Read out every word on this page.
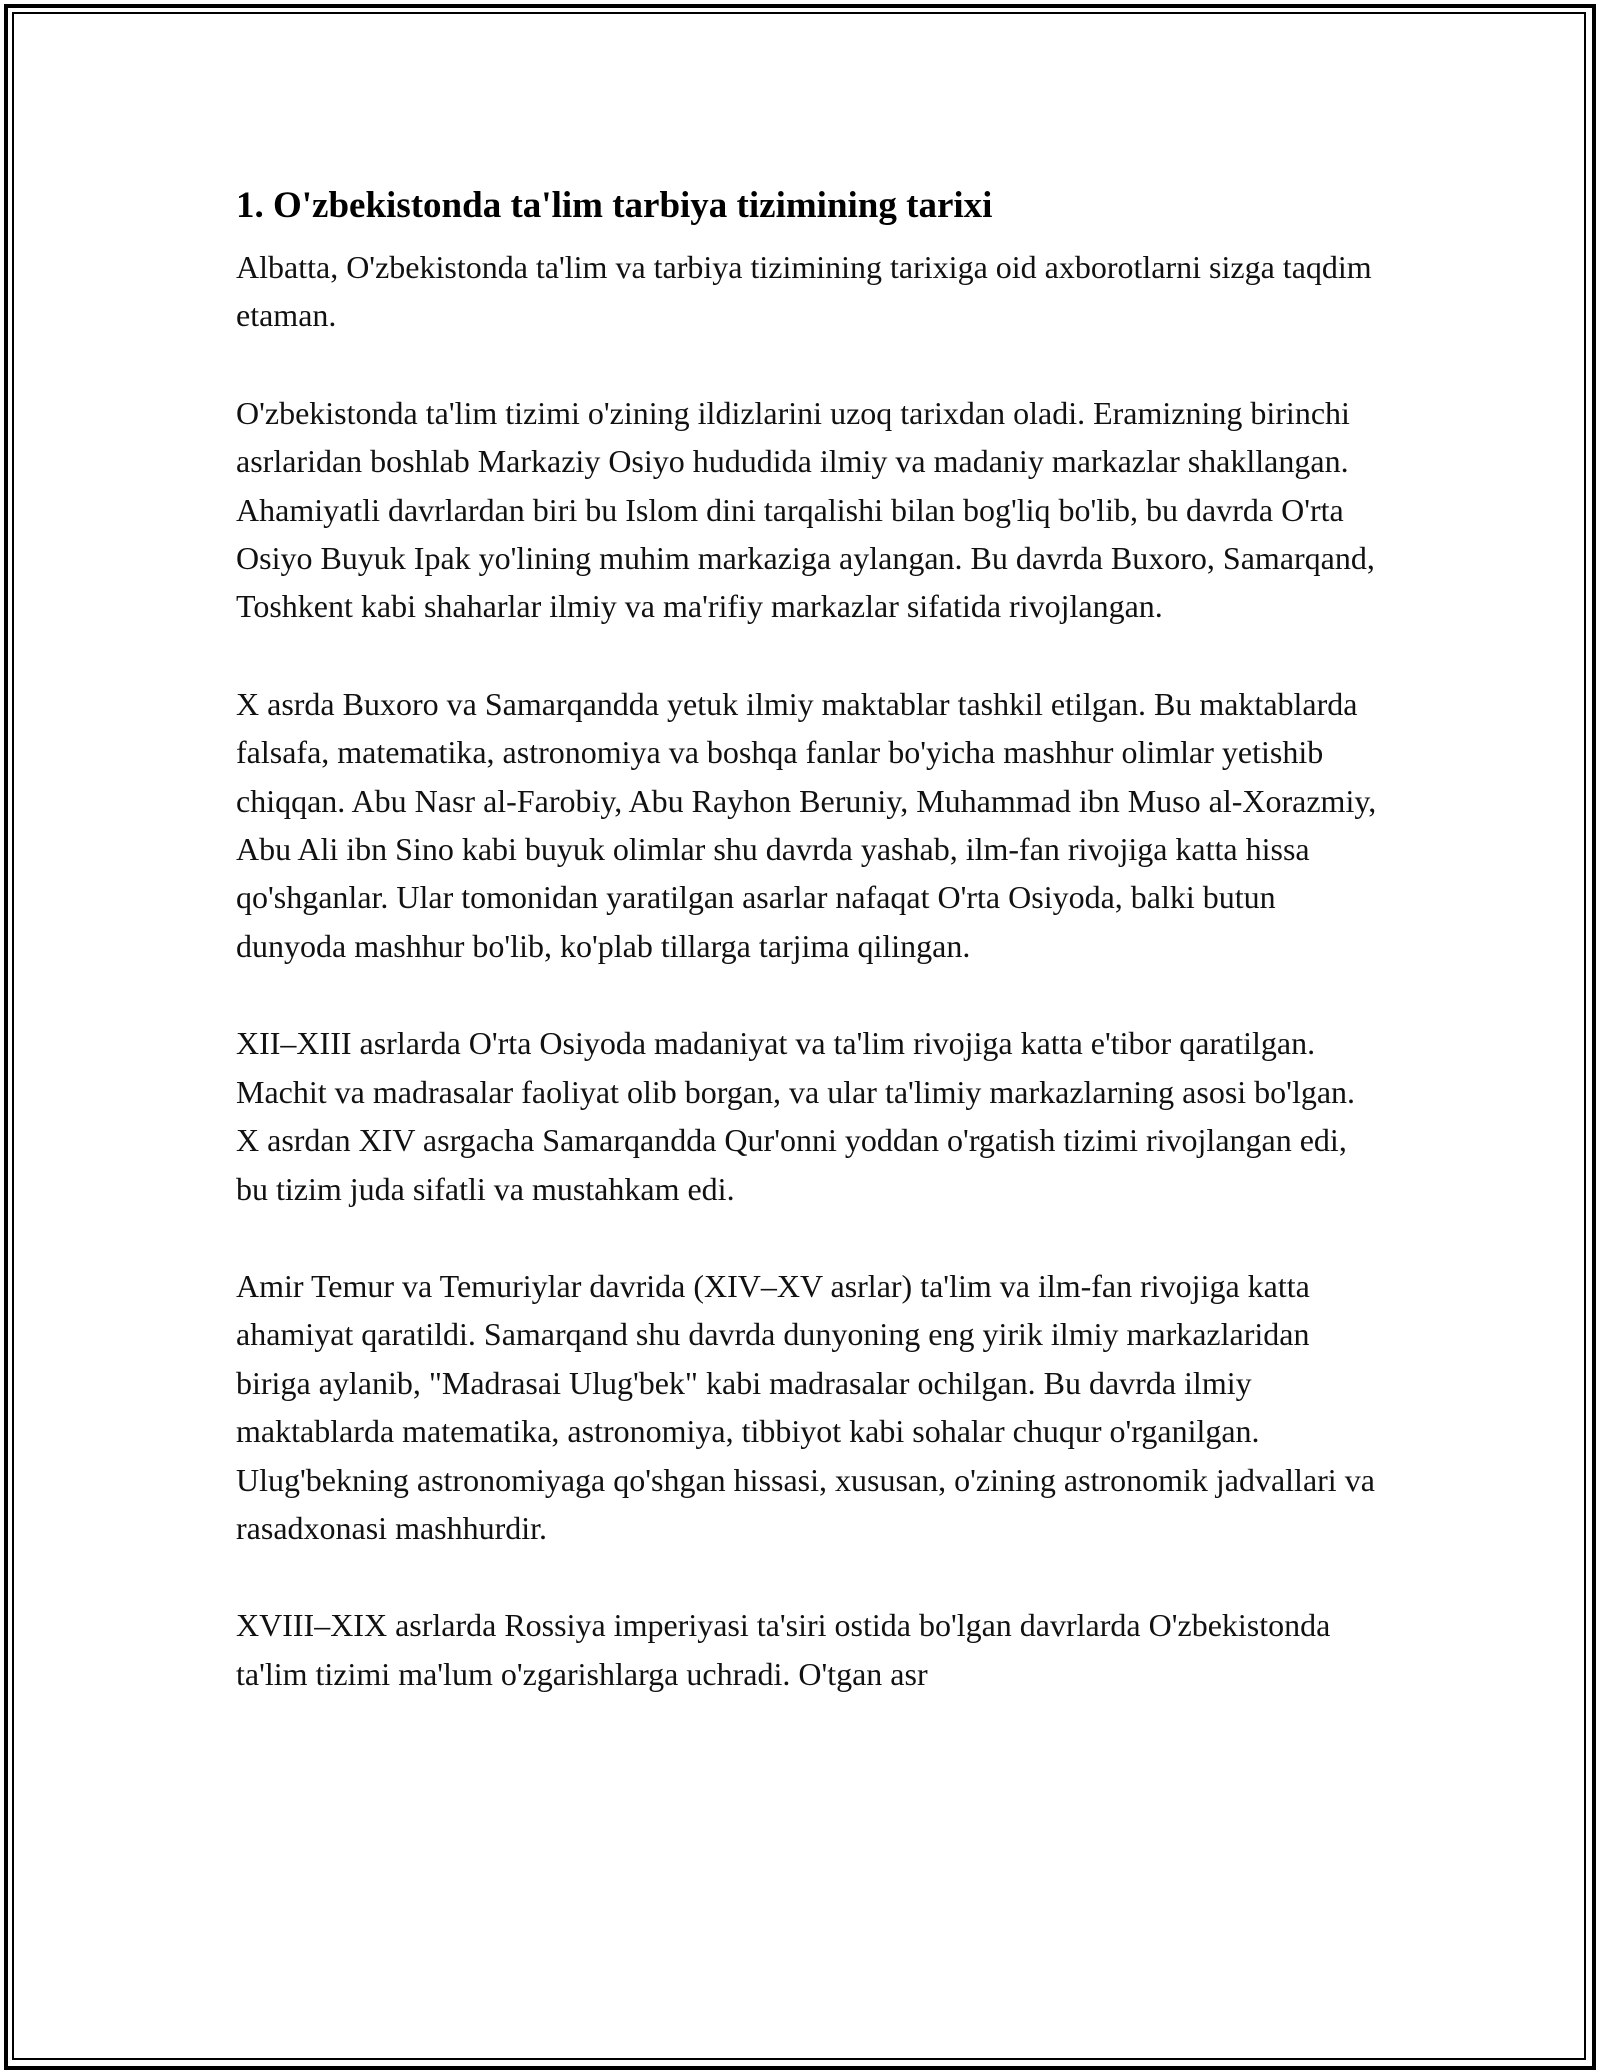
1. O'zbekistonda ta'lim tarbiya tizimining tarixi

Albatta, O'zbekistonda ta'lim va tarbiya tizimining tarixiga oid axborotlarni sizga taqdim etaman.

O'zbekistonda ta'lim tizimi o'zining ildizlarini uzoq tarixdan oladi. Eramizning birinchi asrlaridan boshlab Markaziy Osiyo hududida ilmiy va madaniy markazlar shakllangan. Ahamiyatli davrlardan biri bu Islom dini tarqalishi bilan bog'liq bo'lib, bu davrda O'rta Osiyo Buyuk Ipak yo'lining muhim markaziga aylangan. Bu davrda Buxoro, Samarqand, Toshkent kabi shaharlar ilmiy va ma'rifiy markazlar sifatida rivojlangan.

X asrda Buxoro va Samarqandda yetuk ilmiy maktablar tashkil etilgan. Bu maktablarda falsafa, matematika, astronomiya va boshqa fanlar bo'yicha mashhur olimlar yetishib chiqqan. Abu Nasr al-Farobiy, Abu Rayhon Beruniy, Muhammad ibn Muso al-Xorazmiy, Abu Ali ibn Sino kabi buyuk olimlar shu davrda yashab, ilm-fan rivojiga katta hissa qo'shganlar. Ular tomonidan yaratilgan asarlar nafaqat O'rta Osiyoda, balki butun dunyoda mashhur bo'lib, ko'plab tillarga tarjima qilingan.

XII–XIII asrlarda O'rta Osiyoda madaniyat va ta'lim rivojiga katta e'tibor qaratilgan. Machit va madrasalar faoliyat olib borgan, va ular ta'limiy markazlarning asosi bo'lgan. X asrdan XIV asrgacha Samarqandda Qur'onni yoddan o'rgatish tizimi rivojlangan edi, bu tizim juda sifatli va mustahkam edi.

Amir Temur va Temuriylar davrida (XIV–XV asrlar) ta'lim va ilm-fan rivojiga katta ahamiyat qaratildi. Samarqand shu davrda dunyoning eng yirik ilmiy markazlaridan biriga aylanib, "Madrasai Ulug'bek" kabi madrasalar ochilgan. Bu davrda ilmiy maktablarda matematika, astronomiya, tibbiyot kabi sohalar chuqur o'rganilgan. Ulug'bekning astronomiyaga qo'shgan hissasi, xususan, o'zining astronomik jadvallari va rasadxonasi mashhurdir.

XVIII–XIX asrlarda Rossiya imperiyasi ta'siri ostida bo'lgan davrlarda O'zbekistonda ta'lim tizimi ma'lum o'zgarishlarga uchradi. O'tgan asr
